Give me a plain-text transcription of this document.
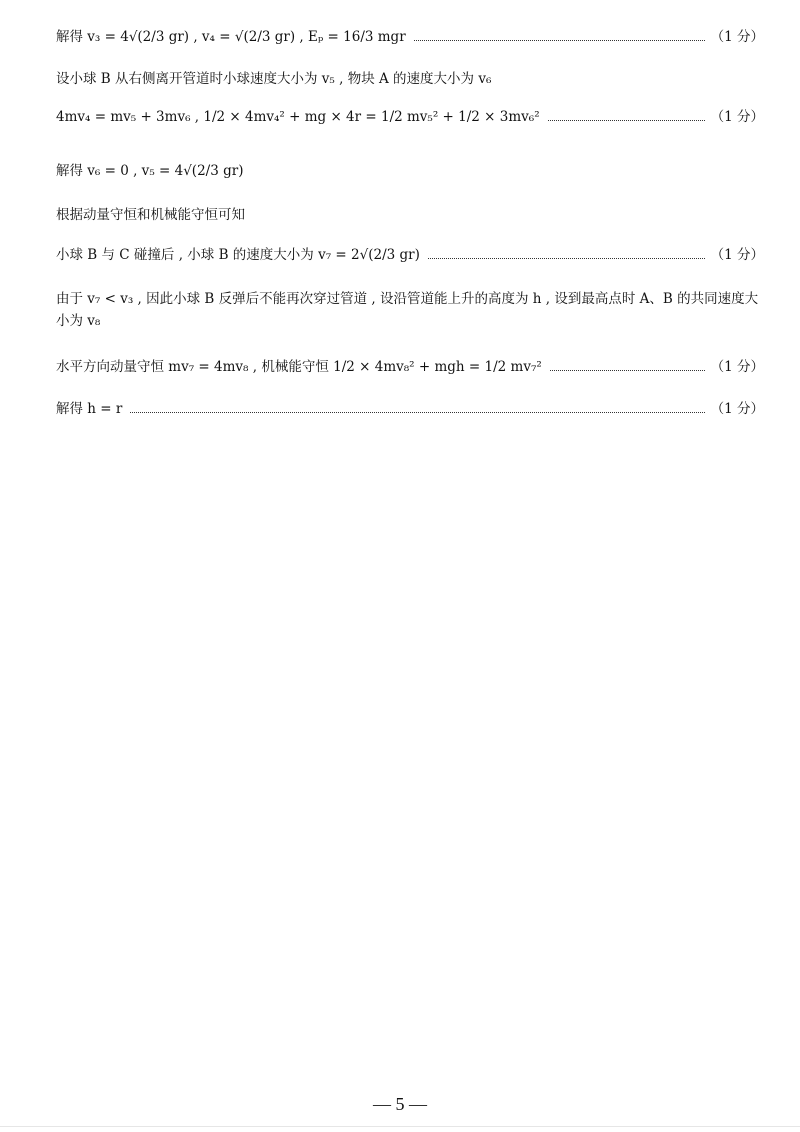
解得 v₃ = 4√(2/3 gr) , v₄ = √(2/3 gr) , Eₚ = 16/3 mgr	（1 分）
设小球 B 从右侧离开管道时小球速度大小为 v₅ , 物块 A 的速度大小为 v₆
4mv₄ = mv₅ + 3mv₆ , 1/2 × 4mv₄² + mg × 4r = 1/2 mv₅² + 1/2 × 3mv₆²	（1 分）
解得 v₆ = 0 , v₅ = 4√(2/3 gr)
根据动量守恒和机械能守恒可知
小球 B 与 C 碰撞后 , 小球 B 的速度大小为 v₇ = 2√(2/3 gr)	（1 分）
由于 v₇ < v₃ , 因此小球 B 反弹后不能再次穿过管道 , 设沿管道能上升的高度为 h , 设到最高点时 A、B 的共同速度大小为 v₈
水平方向动量守恒 mv₇ = 4mv₈ , 机械能守恒 1/2 × 4mv₈² + mgh = 1/2 mv₇²	（1 分）
解得 h = r	（1 分）
— 5 —
